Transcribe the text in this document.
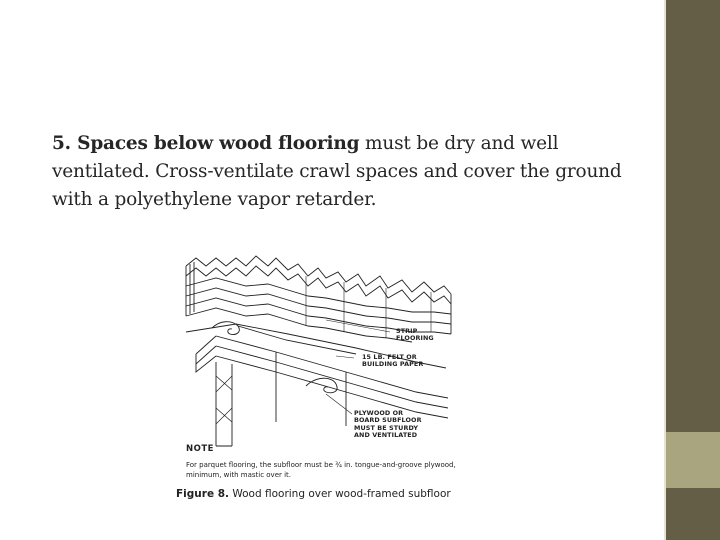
5. Spaces below wood flooring must be dry and well ventilated. Cross-ventilate crawl spaces and cover the ground with a polyethylene vapor retarder.
STRIP
FLOORING
15 LB. FELT OR
BUILDING PAPER
PLYWOOD OR
BOARD SUBFLOOR
MUST BE STURDY
AND VENTILATED
NOTE
For parquet flooring, the subfloor must be ¾ in. tongue-and-groove plywood, minimum, with mastic over it.
Figure 8. Wood flooring over wood-framed subfloor
